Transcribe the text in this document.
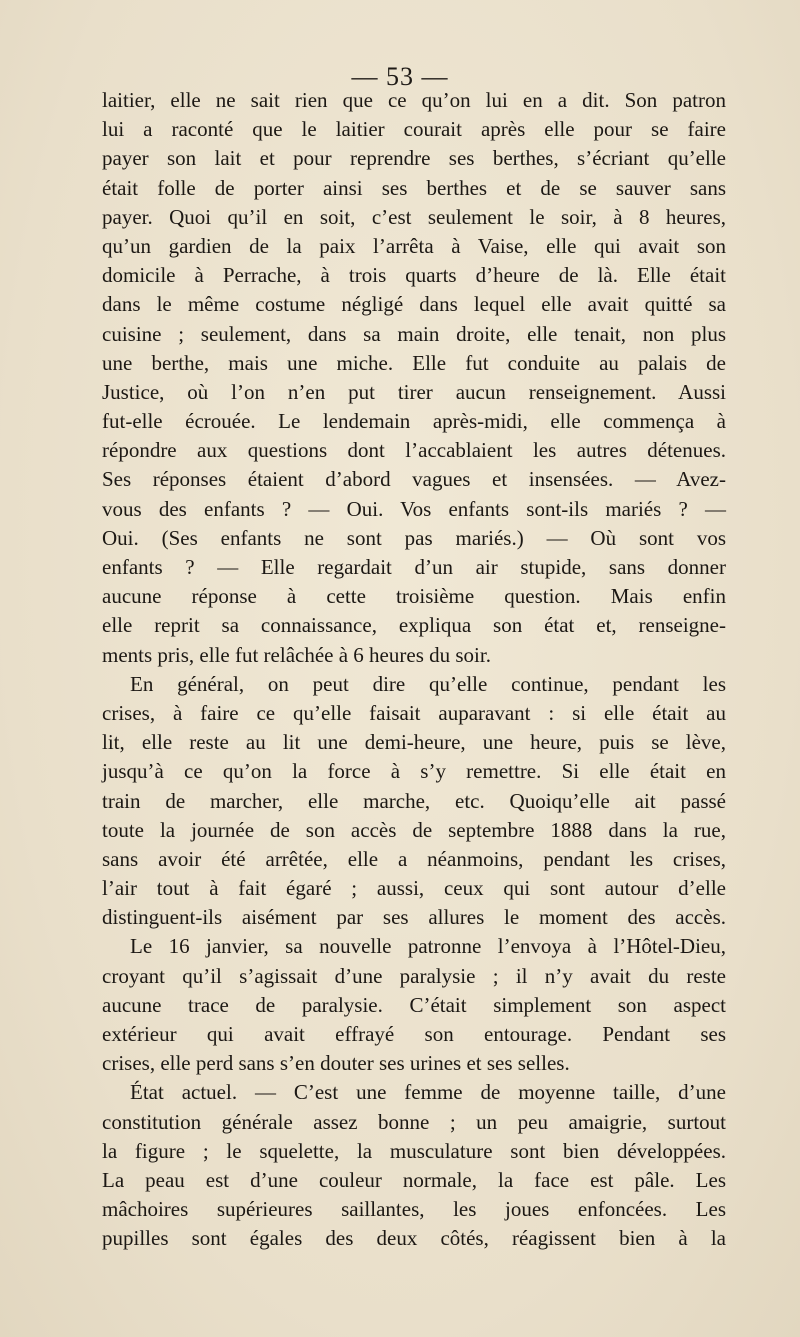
— 53 —
laitier, elle ne sait rien que ce qu’on lui en a dit. Son patron
lui a raconté que le laitier courait après elle pour se faire
payer son lait et pour reprendre ses berthes, s’écriant qu’elle
était folle de porter ainsi ses berthes et de se sauver sans
payer. Quoi qu’il en soit, c’est seulement le soir, à 8 heures,
qu’un gardien de la paix l’arrêta à Vaise, elle qui avait son
domicile à Perrache, à trois quarts d’heure de là. Elle était
dans le même costume négligé dans lequel elle avait quitté sa
cuisine ; seulement, dans sa main droite, elle tenait, non plus
une berthe, mais une miche. Elle fut conduite au palais de
Justice, où l’on n’en put tirer aucun renseignement. Aussi
fut-elle écrouée. Le lendemain après-midi, elle commença à
répondre aux questions dont l’accablaient les autres détenues.
Ses réponses étaient d’abord vagues et insensées. — Avez-
vous des enfants ? — Oui. Vos enfants sont-ils mariés ? —
Oui. (Ses enfants ne sont pas mariés.) — Où sont vos
enfants ? — Elle regardait d’un air stupide, sans donner
aucune réponse à cette troisième question. Mais enfin
elle reprit sa connaissance, expliqua son état et, renseigne-
ments pris, elle fut relâchée à 6 heures du soir.
En général, on peut dire qu’elle continue, pendant les
crises, à faire ce qu’elle faisait auparavant : si elle était au
lit, elle reste au lit une demi-heure, une heure, puis se lève,
jusqu’à ce qu’on la force à s’y remettre. Si elle était en
train de marcher, elle marche, etc. Quoiqu’elle ait passé
toute la journée de son accès de septembre 1888 dans la rue,
sans avoir été arrêtée, elle a néanmoins, pendant les crises,
l’air tout à fait égaré ; aussi, ceux qui sont autour d’elle
distinguent-ils aisément par ses allures le moment des accès.
Le 16 janvier, sa nouvelle patronne l’envoya à l’Hôtel-Dieu,
croyant qu’il s’agissait d’une paralysie ; il n’y avait du reste
aucune trace de paralysie. C’était simplement son aspect
extérieur qui avait effrayé son entourage. Pendant ses
crises, elle perd sans s’en douter ses urines et ses selles.
État actuel. — C’est une femme de moyenne taille, d’une
constitution générale assez bonne ; un peu amaigrie, surtout
la figure ; le squelette, la musculature sont bien développées.
La peau est d’une couleur normale, la face est pâle. Les
mâchoires supérieures saillantes, les joues enfoncées. Les
pupilles sont égales des deux côtés, réagissent bien à la
